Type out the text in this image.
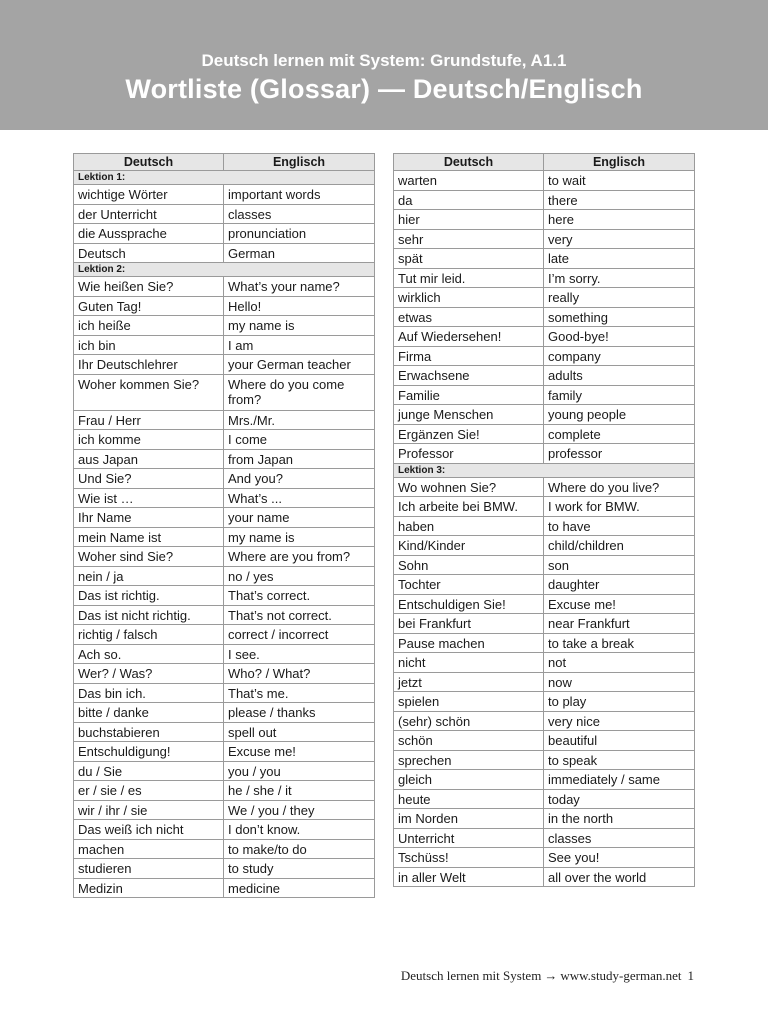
Deutsch lernen mit System: Grundstufe, A1.1
Wortliste (Glossar) — Deutsch/Englisch
Deutsch	Englisch
Lektion 1:	
wichtige Wörter	important words
der Unterricht	classes
die Aussprache	pronunciation
Deutsch	German
Lektion 2:	
Wie heißen Sie?	What’s your name?
Guten Tag!	Hello!
ich heiße	my name is
ich bin	I am
Ihr Deutschlehrer	your German teacher
Woher kommen Sie?	Where do you come from?
Frau / Herr	Mrs./Mr.
ich komme	I come
aus Japan	from Japan
Und Sie?	And you?
Wie ist …	What’s ...
Ihr Name	your name
mein Name ist	my name is
Woher sind Sie?	Where are you from?
nein / ja	no / yes
Das ist richtig.	That’s correct.
Das ist nicht richtig.	That’s not correct.
richtig / falsch	correct / incorrect
Ach so.	I see.
Wer? / Was?	Who? / What?
Das bin ich.	That’s me.
bitte / danke	please / thanks
buchstabieren	spell out
Entschuldigung!	Excuse me!
du / Sie	you / you
er / sie / es	he / she / it
wir / ihr / sie	We / you / they
Das weiß ich nicht	I don’t know.
machen	to make/to do
studieren	to study
Medizin	medicine
Deutsch	Englisch
warten	to wait
da	there
hier	here
sehr	very
spät	late
Tut mir leid.	I’m sorry.
wirklich	really
etwas	something
Auf Wiedersehen!	Good-bye!
Firma	company
Erwachsene	adults
Familie	family
junge Menschen	young people
Ergänzen Sie!	complete
Professor	professor
Lektion 3:	
Wo wohnen Sie?	Where do you live?
Ich arbeite bei BMW.	I work for BMW.
haben	to have
Kind/Kinder	child/children
Sohn	son
Tochter	daughter
Entschuldigen Sie!	Excuse me!
bei Frankfurt	near Frankfurt
Pause machen	to take a break
nicht	not
jetzt	now
spielen	to play
(sehr) schön	very nice
schön	beautiful
sprechen	to speak
gleich	immediately / same
heute	today
im Norden	in the north
Unterricht	classes
Tschüss!	See you!
in aller Welt	all over the world
Deutsch lernen mit System → www.study-german.net 1
